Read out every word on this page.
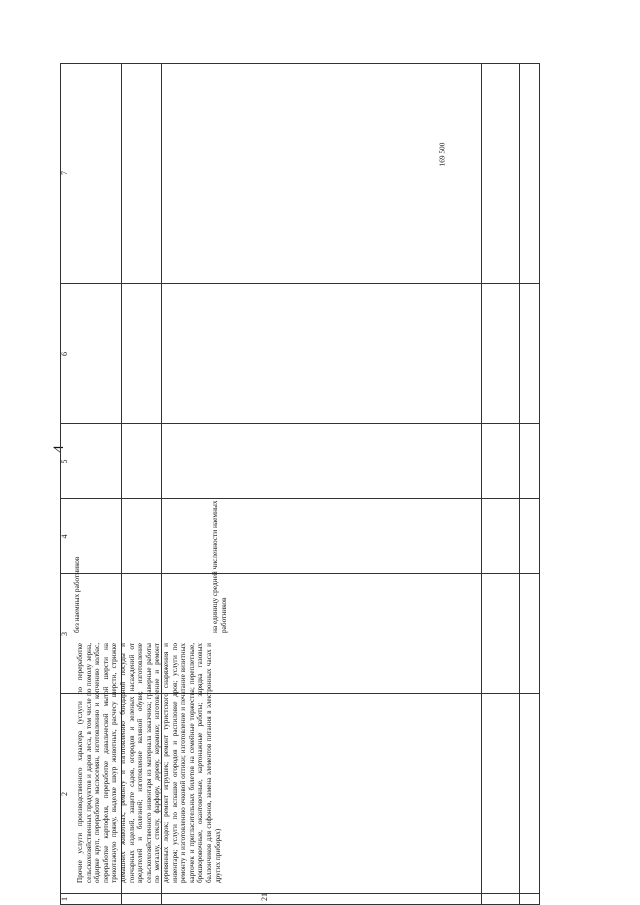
4
1
2
3
4
5
6
7
21
Прочие услуги производственного характера (услуги по переработке сельскохозяйственных продуктов и даров леса, в том числе по помолу зерна, обдирке круп, переработке маслосемян, изготовлению и копчению колбас, переработке картофеля, переработке давальческой мытой шерсти на трикотажную пряжу, выделке шкур животных, расчесу шерсти, стрижке домашних животных, ремонту и изготовлению бондарной посуды и гончарных изделий, защите садов, огородов и зеленых насаждений от вредителей и болезней; изготовление валяной обуви; изготовление сельскохозяйственного инвентаря из материала заказчика; граверные работы по металлу, стеклу, фарфору, дереву, керамике; изготовление и ремонт деревянных лодок; ремонт игрушек; ремонт туристского снаряжения и инвентаря; услуги по вспашке огородов и распиловке дров; услуги по ремонту и изготовлению очковой оптики; изготовление и печатание визитных карточек и пригласительных билетов на семейные торжества; переплетные, брошюровочные, окантовочные, картонажные работы; зарядка газовых баллончиков для сифонов, замена элементов питания в электронных часах и других приборах)
без наемных работников	на единицу средней численности наемных работников
169 500
